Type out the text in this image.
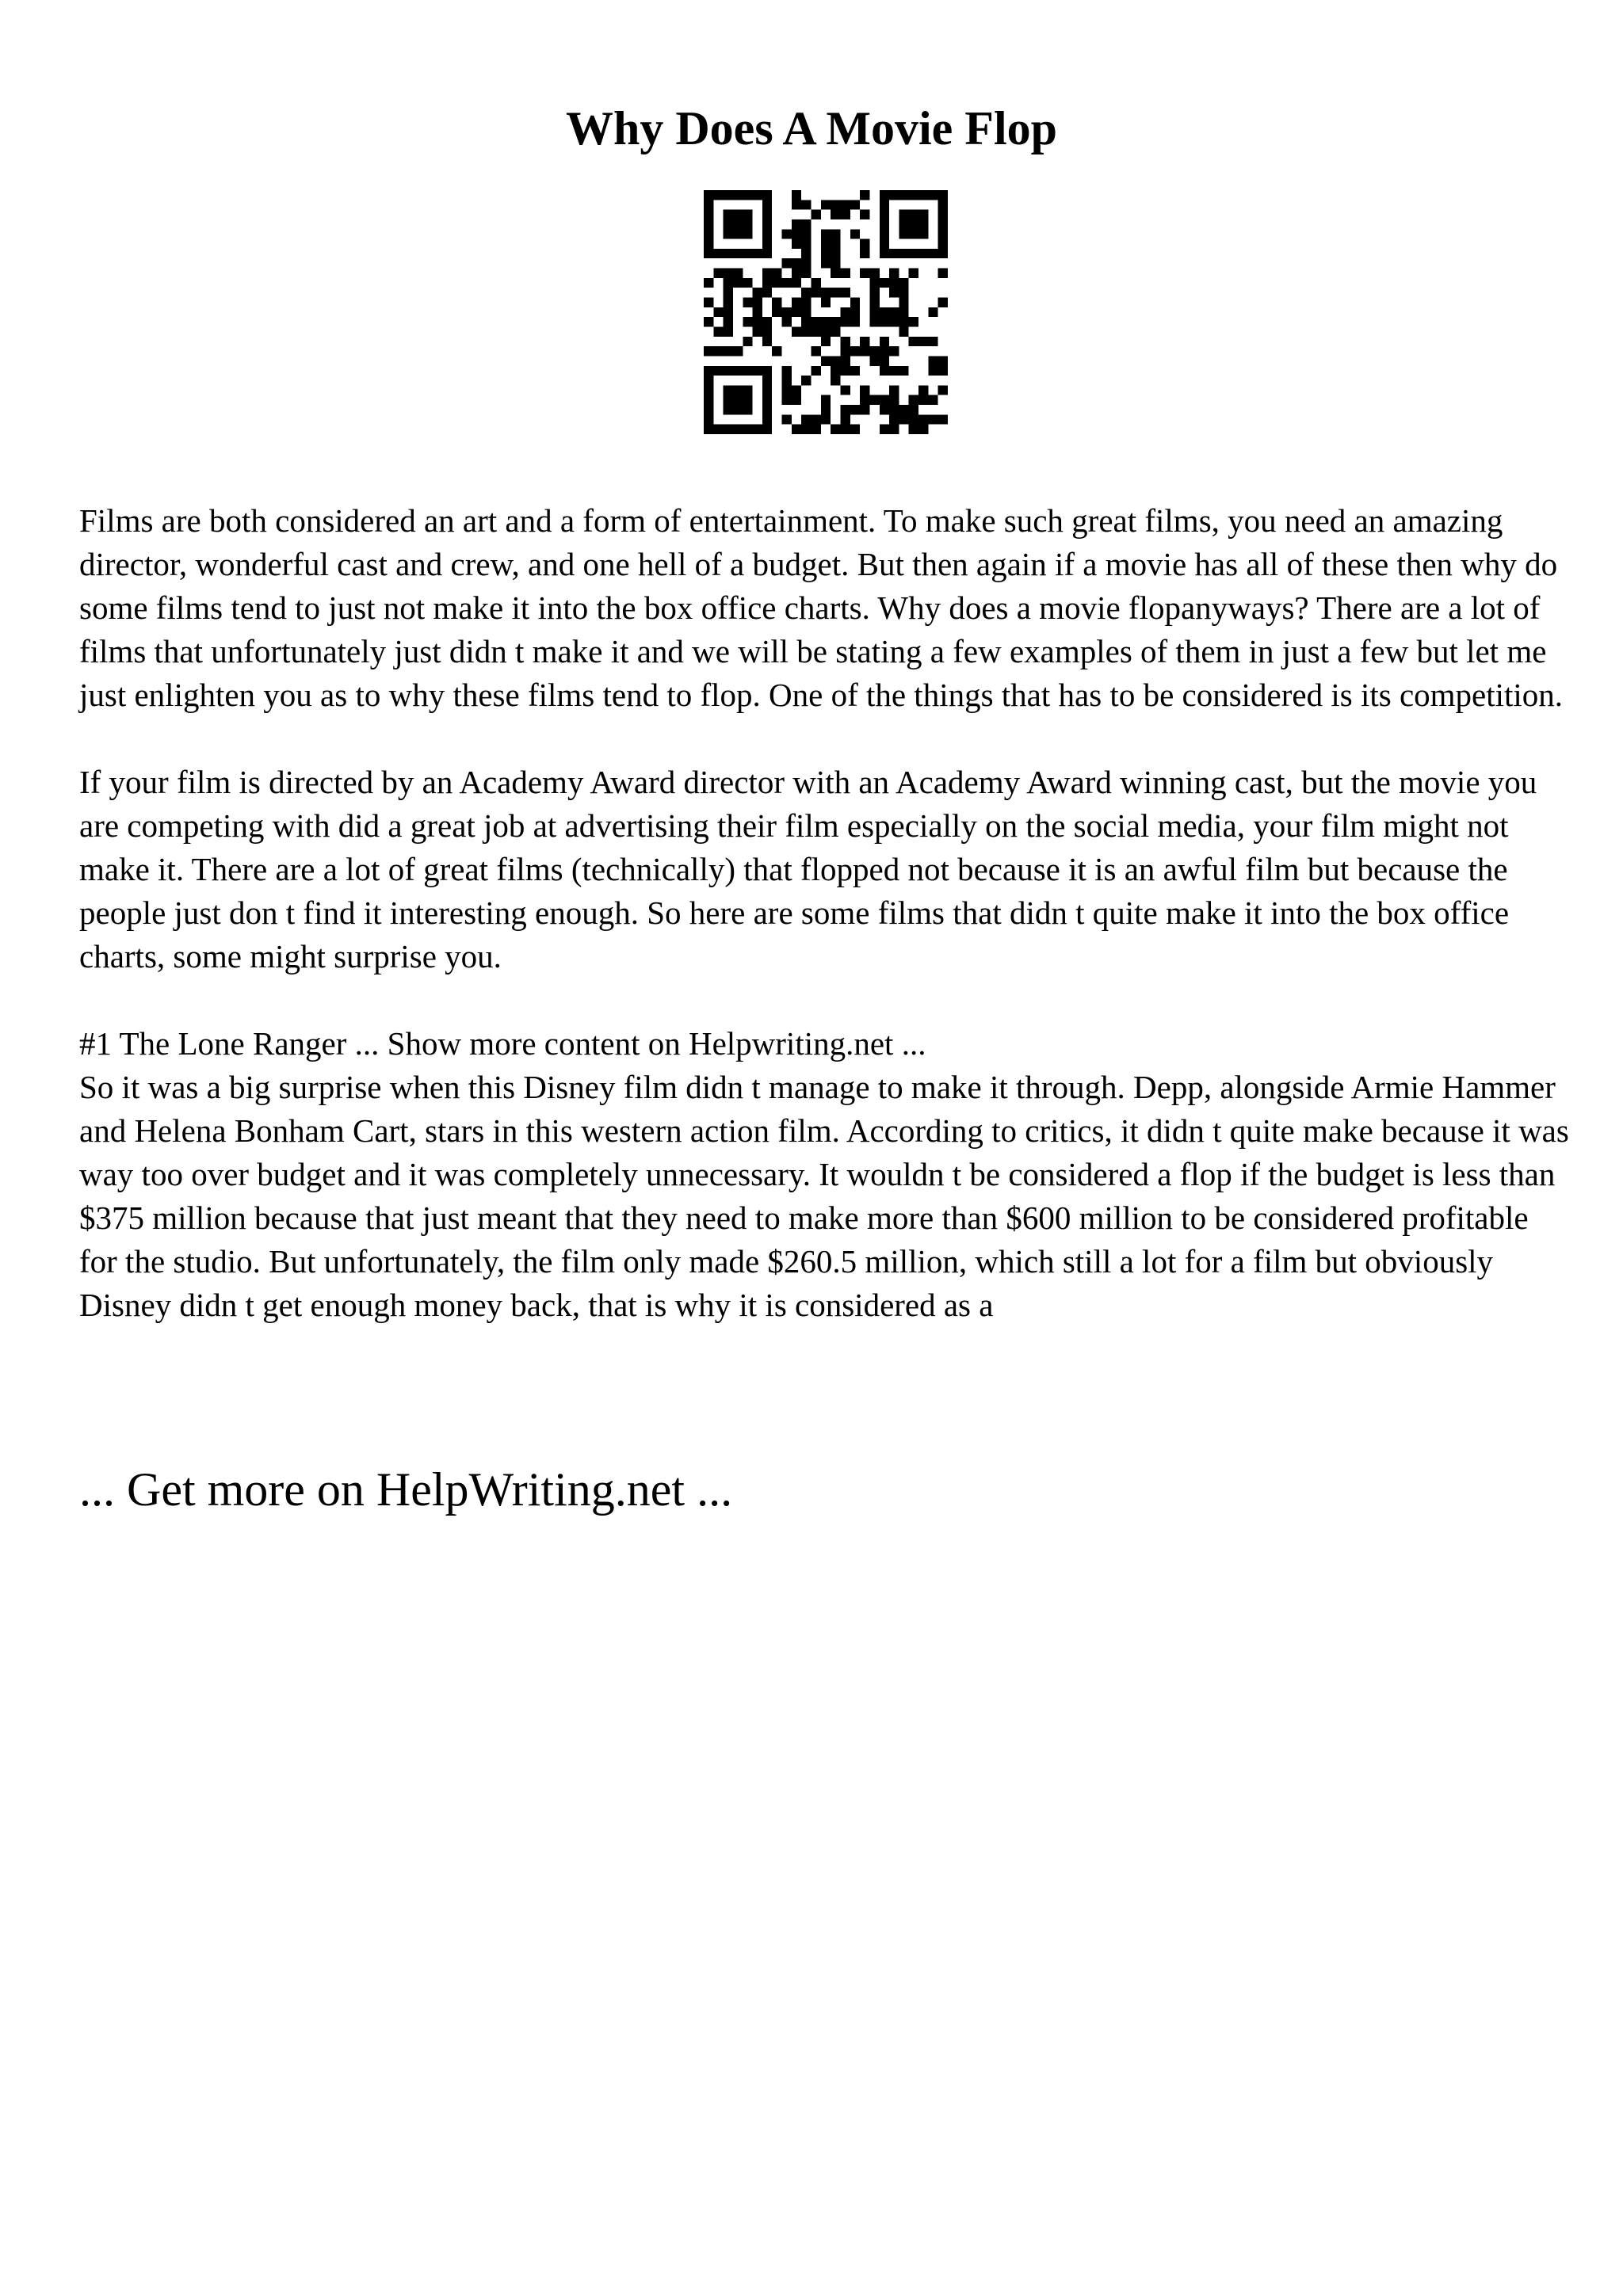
Why Does A Movie Flop

Films are both considered an art and a form of entertainment. To make such great films, you need an amazing director, wonderful cast and crew, and one hell of a budget. But then again if a movie has all of these then why do some films tend to just not make it into the box office charts. Why does a movie flopanyways? There are a lot of films that unfortunately just didn t make it and we will be stating a few examples of them in just a few but let me just enlighten you as to why these films tend to flop. One of the things that has to be considered is its competition.

If your film is directed by an Academy Award director with an Academy Award winning cast, but the movie you are competing with did a great job at advertising their film especially on the social media, your film might not make it. There are a lot of great films (technically) that flopped not because it is an awful film but because the people just don t find it interesting enough. So here are some films that didn t quite make it into the box office charts, some might surprise you.

#1 The Lone Ranger ... Show more content on Helpwriting.net ...

So it was a big surprise when this Disney film didn t manage to make it through. Depp, alongside Armie Hammer and Helena Bonham Cart, stars in this western action film. According to critics, it didn t quite make because it was way too over budget and it was completely unnecessary. It wouldn t be considered a flop if the budget is less than $375 million because that just meant that they need to make more than $600 million to be considered profitable for the studio. But unfortunately, the film only made $260.5 million, which still a lot for a film but obviously Disney didn t get enough money back, that is why it is considered as a

... Get more on HelpWriting.net ...
